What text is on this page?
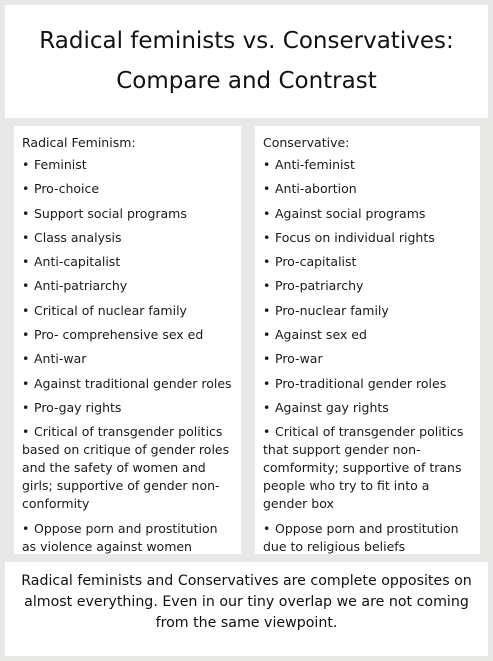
Radical feminists vs. Conservatives:
Compare and Contrast
Radical Feminism:
• Feminist
• Pro-choice
• Support social programs
• Class analysis
• Anti-capitalist
• Anti-patriarchy
• Critical of nuclear family
• Pro- comprehensive sex ed
• Anti-war
• Against traditional gender roles
• Pro-gay rights
• Critical of transgender politics based on critique of gender roles and the safety of women and girls; supportive of gender non-conformity
• Oppose porn and prostitution as violence against women
Conservative:
• Anti-feminist
• Anti-abortion
• Against social programs
• Focus on individual rights
• Pro-capitalist
• Pro-patriarchy
• Pro-nuclear family
• Against sex ed
• Pro-war
• Pro-traditional gender roles
• Against gay rights
• Critical of transgender politics that support gender non-comformity; supportive of trans people who try to fit into a gender box
• Oppose porn and prostitution due to religious beliefs
Radical feminists and Conservatives are complete opposites on almost everything. Even in our tiny overlap we are not coming from the same viewpoint.
